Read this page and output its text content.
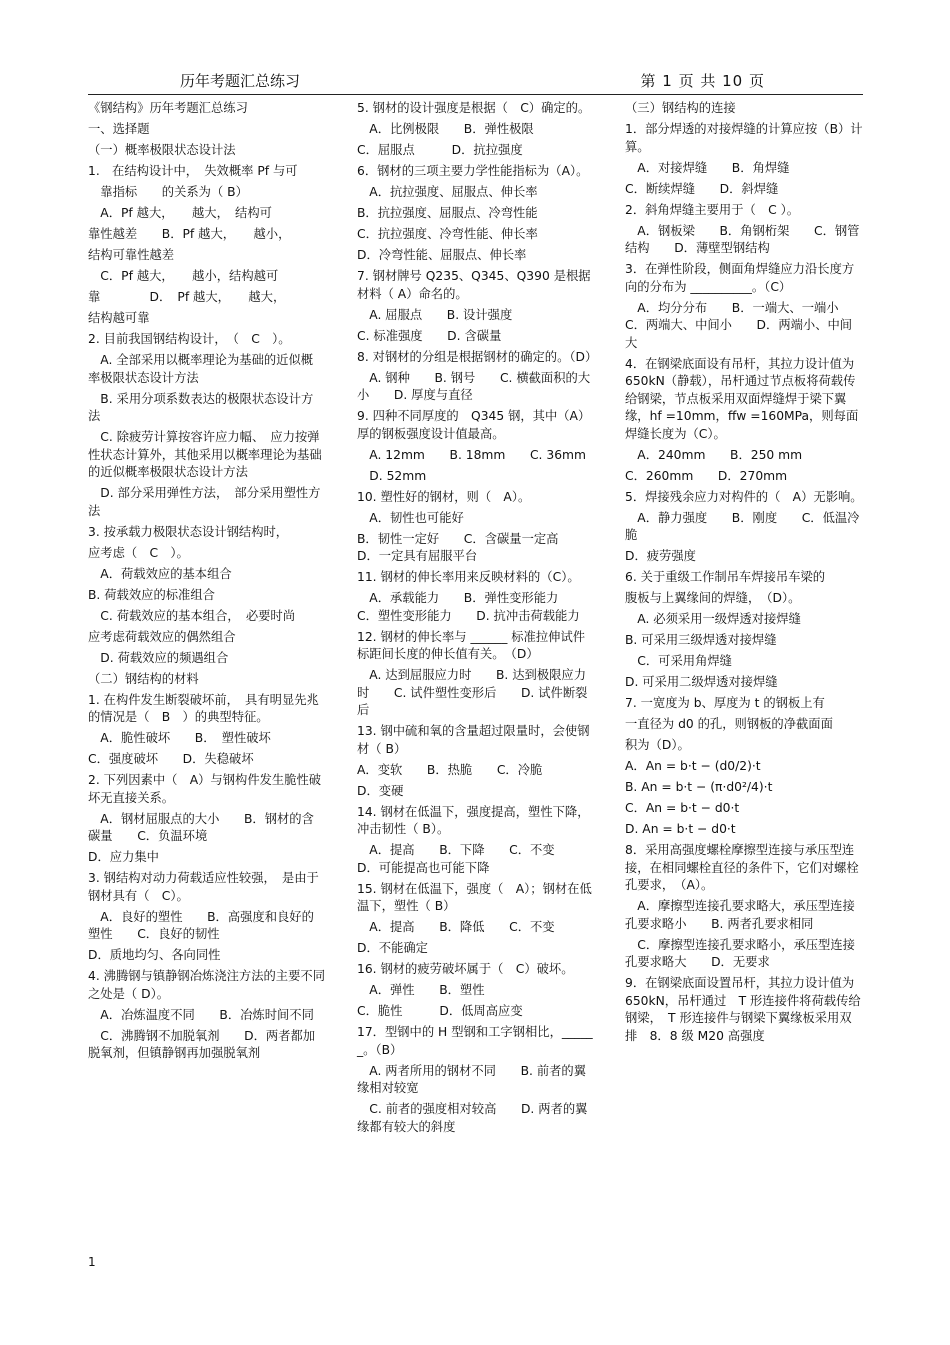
历年考题汇总练习	第 1 页 共 10 页

《钢结构》历年考题汇总练习

一、选择题

（一）概率极限状态设计法

1.　在结构设计中，　失效概率 Pf 与可

　靠指标　　的关系为（ B）

　A．Pf 越大，　　越大，　结构可

靠性越差　　B．Pf 越大，　　越小，

结构可靠性越差

　C．Pf 越大，　　越小，结构越可

靠　　　　D．　Pf 越大，　　越大，

结构越可靠

2. 目前我国钢结构设计，　（　C　）。

　A. 全部采用以概率理论为基础的近似概率极限状态设计方法

　B. 采用分项系数表达的极限状态设计方法

　C. 除疲劳计算按容许应力幅、　应力按弹性状态计算外，其他采用以概率理论为基础的近似概率极限状态设计方法

　D. 部分采用弹性方法，　部分采用塑性方法

3. 按承载力极限状态设计钢结构时，

应考虑（　C　）。

　A．荷载效应的基本组合

B. 荷载效应的标准组合

　C. 荷载效应的基本组合，　必要时尚

应考虑荷载效应的偶然组合

　D. 荷载效应的频遇组合

（二）钢结构的材料

1. 在构件发生断裂破坏前，　具有明显先兆的情况是（　B　）的典型特征。

　A．脆性破坏　　B．　塑性破坏

C．强度破坏　　D．失稳破坏

2. 下列因素中（　A）与钢构件发生脆性破坏无直接关系。

　A．钢材屈服点的大小　　B．钢材的含碳量　　C．负温环境

D．应力集中

3. 钢结构对动力荷载适应性较强，　是由于钢材具有（　C）。

　A．良好的塑性　　B．高强度和良好的塑性　　C．良好的韧性

D．质地均匀、各向同性

4. 沸腾钢与镇静钢冶炼浇注方法的主要不同之处是（ D）。

　A．冶炼温度不同　　B．冶炼时间不同

　C．沸腾钢不加脱氧剂　　D．两者都加脱氧剂，但镇静钢再加强脱氧剂

5. 钢材的设计强度是根据（　C）确定的。

　A．比例极限　　B．弹性极限

C．屈服点　　　D．抗拉强度

6．钢材的三项主要力学性能指标为（A）。

　A．抗拉强度、屈服点、伸长率

B．抗拉强度、屈服点、冷弯性能

C．抗拉强度、冷弯性能、伸长率

D．冷弯性能、屈服点、伸长率

7. 钢材牌号 Q235、Q345、Q390 是根据材料（ A）命名的。

　A. 屈服点　　B. 设计强度

C. 标准强度　　D. 含碳量

8. 对钢材的分组是根据钢材的确定的。（D）

　A. 钢种　　B. 钢号　　C. 横截面积的大小　　D. 厚度与直径

9. 四种不同厚度的　Q345 钢，其中（A）厚的钢板强度设计值最高。

　A. 12mm　　B. 18mm　　C. 36mm

　D. 52mm

10. 塑性好的钢材，则（　A）。

　A．韧性也可能好

B．韧性一定好　　C．含碳量一定高　　D．一定具有屈服平台

11. 钢材的伸长率用来反映材料的（C）。

　A．承载能力　　B．弹性变形能力　　C．塑性变形能力　　D. 抗冲击荷载能力

12. 钢材的伸长率与 ______ 标准拉伸试件标距间长度的伸长值有关。　（D）

　A. 达到屈服应力时　　B. 达到极限应力时　　C. 试件塑性变形后　　D. 试件断裂后

13. 钢中硫和氧的含量超过限量时，会使钢材（ B）

A．变软　　B．热脆　　C．冷脆

D．变硬

14. 钢材在低温下，强度提高，塑性下降，冲击韧性（ B）。

　A．提高　　B．下降　　C．不变　　D．可能提高也可能下降

15. 钢材在低温下，强度（　A）；钢材在低温下，塑性（ B）

　A．提高　　B．降低　　C．不变

D．不能确定

16. 钢材的疲劳破坏属于（　C）破坏。

　A．弹性　　B．塑性

C．脆性　　　D．低周高应变

17．型钢中的 H 型钢和工字钢相比，______。（B）

　A. 两者所用的钢材不同　　B. 前者的翼缘相对较宽

　C. 前者的强度相对较高　　D. 两者的翼缘都有较大的斜度

（三）钢结构的连接

1．部分焊透的对接焊缝的计算应按（B）计算。

　A．对接焊缝　　B．角焊缝

C．断续焊缝　　D．斜焊缝

2．斜角焊缝主要用于（　C ）。

　A．钢板梁　　B．角钢桁架　　C．钢管结构　　D．薄壁型钢结构

3．在弹性阶段，侧面角焊缝应力沿长度方向的分布为 __________。（C）

　A．均分分布　　B．一端大、一端小　　C．两端大、中间小　　D．两端小、中间大

4．在钢梁底面设有吊杆，其拉力设计值为 650kN（静载），吊杆通过节点板将荷载传给钢梁，节点板采用双面焊缝焊于梁下翼缘，hf =10mm，ffw =160MPa，则每面焊缝长度为（C）。

　A．240mm　　B．250 mm

C．260mm　　D．270mm

5．焊接残余应力对构件的（　A）无影响。

　A．静力强度　　B．刚度　　C．低温冷脆

D．疲劳强度

6. 关于重级工作制吊车焊接吊车梁的

腹板与上翼缘间的焊缝，　（D）。

　A. 必须采用一级焊透对接焊缝

B. 可采用三级焊透对接焊缝

　C．可采用角焊缝

D. 可采用二级焊透对接焊缝

7. 一宽度为 b、厚度为 t 的钢板上有

一直径为 d0 的孔，则钢板的净截面面

积为（D）。

A．An = b·t − (d0/2)·t

B. An = b·t − (π·d0²/4)·t

C．An = b·t − d0·t

D. An = b·t − d0·t

8．采用高强度螺栓摩擦型连接与承压型连接，在相同螺栓直径的条件下，它们对螺栓孔要求，　（A）。

　A．摩擦型连接孔要求略大，承压型连接孔要求略小　　B. 两者孔要求相同

　C．摩擦型连接孔要求略小，承压型连接孔要求略大　　D．无要求

9．在钢梁底面设置吊杆，其拉力设计值为　650kN，吊杆通过　T 形连接件将荷载传给钢梁，　T 形连接件与钢梁下翼缘板采用双排　8．8 级 M20 高强度

1
